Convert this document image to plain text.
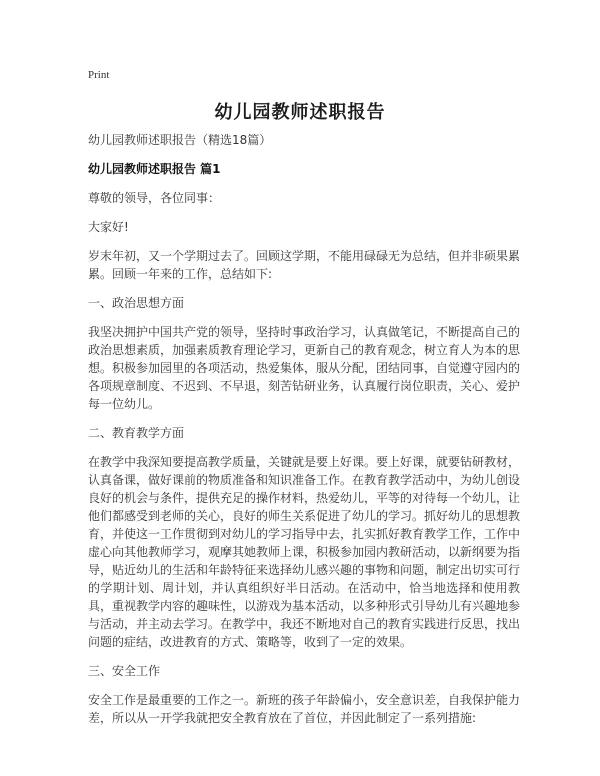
Print
幼儿园教师述职报告

幼儿园教师述职报告（精选18篇）

幼儿园教师述职报告 篇1

尊敬的领导，各位同事：

大家好!

岁末年初，又一个学期过去了。回顾这学期，不能用碌碌无为总结，但并非硕果累累。回顾一年来的工作，总结如下:

一、政治思想方面

我坚决拥护中国共产党的领导，坚持时事政治学习，认真做笔记，不断提高自己的政治思想素质，加强素质教育理论学习，更新自己的教育观念，树立育人为本的思想。积极参加园里的各项活动，热爱集体，服从分配，团结同事，自觉遵守园内的各项规章制度、不迟到、不早退，刻苦钻研业务，认真履行岗位职责，关心、爱护每一位幼儿。

二、教育教学方面

在教学中我深知要提高教学质量，关键就是要上好课。要上好课，就要钻研教材，认真备课，做好课前的物质准备和知识准备工作。在教育教学活动中，为幼儿创设良好的机会与条件，提供充足的操作材料，热爱幼儿，平等的对待每一个幼儿，让他们都感受到老师的关心，良好的师生关系促进了幼儿的学习。抓好幼儿的思想教育，并使这一工作贯彻到对幼儿的学习指导中去，扎实抓好教育教学工作，工作中虚心向其他教师学习，观摩其她教师上课，积极参加园内教研活动，以新纲要为指导，贴近幼儿的生活和年龄特征来选择幼儿感兴趣的事物和问题，制定出切实可行的学期计划、周计划，并认真组织好半日活动。在活动中，恰当地选择和使用教具，重视教学内容的趣味性，以游戏为基本活动，以多种形式引导幼儿有兴趣地参与活动，并主动去学习。在教学中，我还不断地对自己的教育实践进行反思，找出问题的症结，改进教育的方式、策略等，收到了一定的效果。

三、安全工作

安全工作是最重要的工作之一。新班的孩子年龄偏小，安全意识差，自我保护能力差，所以从一开学我就把安全教育放在了首位，并因此制定了一系列措施:
